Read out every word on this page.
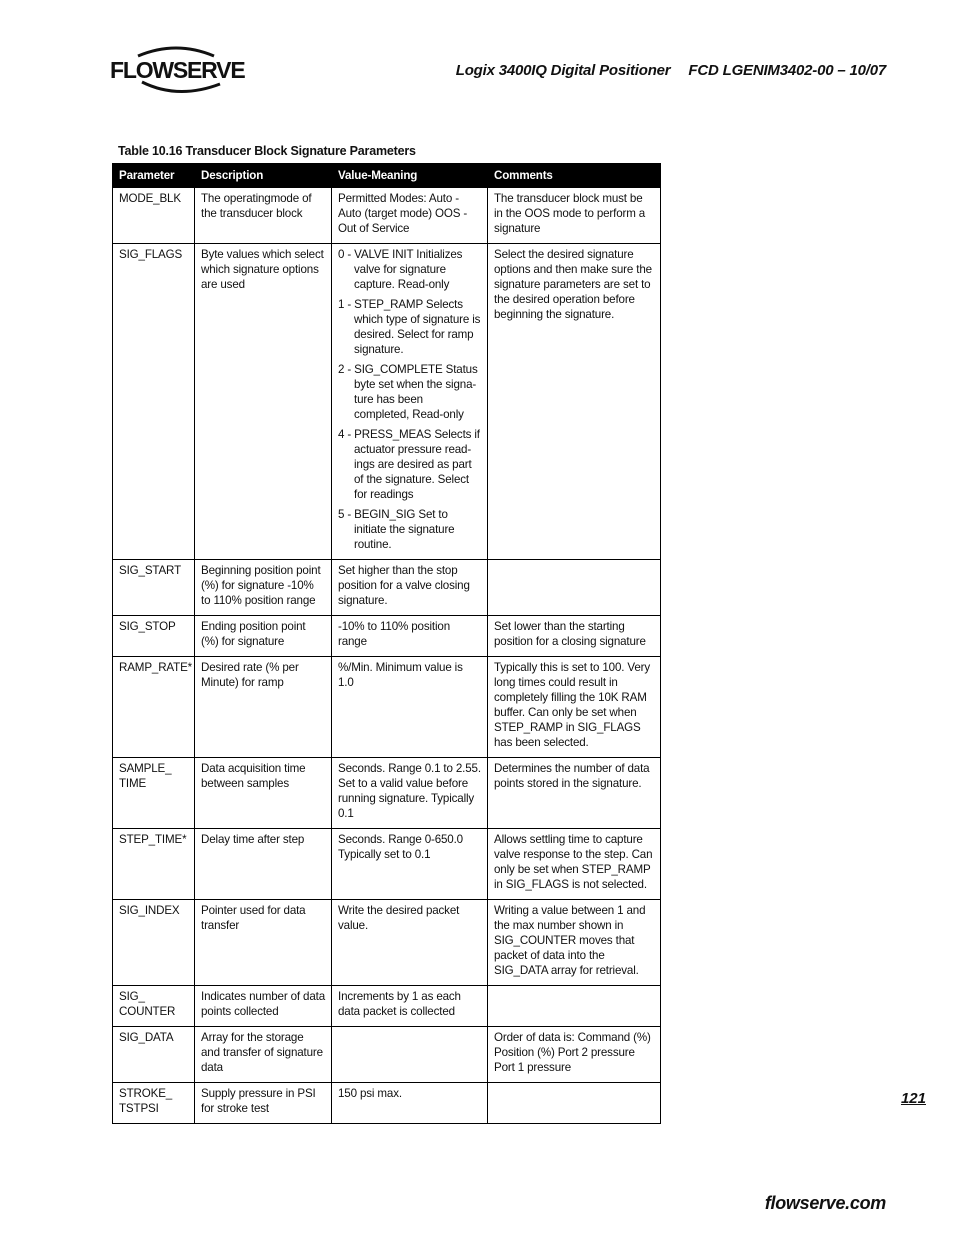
FLOWSERVE	Logix 3400IQ Digital Positioner FCD LGENIM3402-00 – 10/07
Table 10.16 Transducer Block Signature Parameters
Parameter	Description	Value-Meaning	Comments
MODE_BLK	The operatingmode of the transducer block	Permitted Modes: Auto - Auto (target mode) OOS - Out of Service	The transducer block must be in the OOS mode to perform a signature
SIG_FLAGS	Byte values which select which signature options are used	0 - VALVE INIT Initializes valve for signature capture. Read-only
1 - STEP_RAMP Selects which type of signature is desired. Select for ramp signature.
2 - SIG_COMPLETE Status byte set when the signa-ture has been completed, Read-only
4 - PRESS_MEAS Selects if actuator pressure read-ings are desired as part of the signature. Select for readings
5 - BEGIN_SIG Set to initiate the signature routine.	Select the desired signature options and then make sure the signature parameters are set to the desired operation before beginning the signature.
SIG_START	Beginning position point (%) for signature -10% to 110% position range	Set higher than the stop position for a valve closing signature.	

SIG_STOP	Ending position point (%) for signature	-10% to 110% position range	Set lower than the starting position for a closing signature
RAMP_RATE*	Desired rate (% per Minute) for ramp	%/Min. Minimum value is 1.0	Typically this is set to 100. Very long times could result in completely filling the 10K RAM buffer. Can only be set when STEP_RAMP in SIG_FLAGS has been selected.
SAMPLE_ TIME	Data acquisition time between samples	Seconds. Range 0.1 to 2.55. Set to a valid value before running signature. Typically 0.1	Determines the number of data points stored in the signature.
STEP_TIME*	Delay time after step	Seconds. Range 0-650.0 Typically set to 0.1	Allows settling time to capture valve response to the step. Can only be set when STEP_RAMP in SIG_FLAGS is not selected.
SIG_INDEX	Pointer used for data transfer	Write the desired packet value.	Writing a value between 1 and the max number shown in SIG_COUNTER moves that packet of data into the SIG_DATA array for retrieval.
SIG_ COUNTER	Indicates number of data points collected	Increments by 1 as each data packet is collected	

SIG_DATA	Array for the storage and transfer of signature data		Order of data is: Command (%) Position (%) Port 2 pressure Port 1 pressure
STROKE_ TSTPSI	Supply pressure in PSI for stroke test	150 psi max.	
		121
flowserve.com
